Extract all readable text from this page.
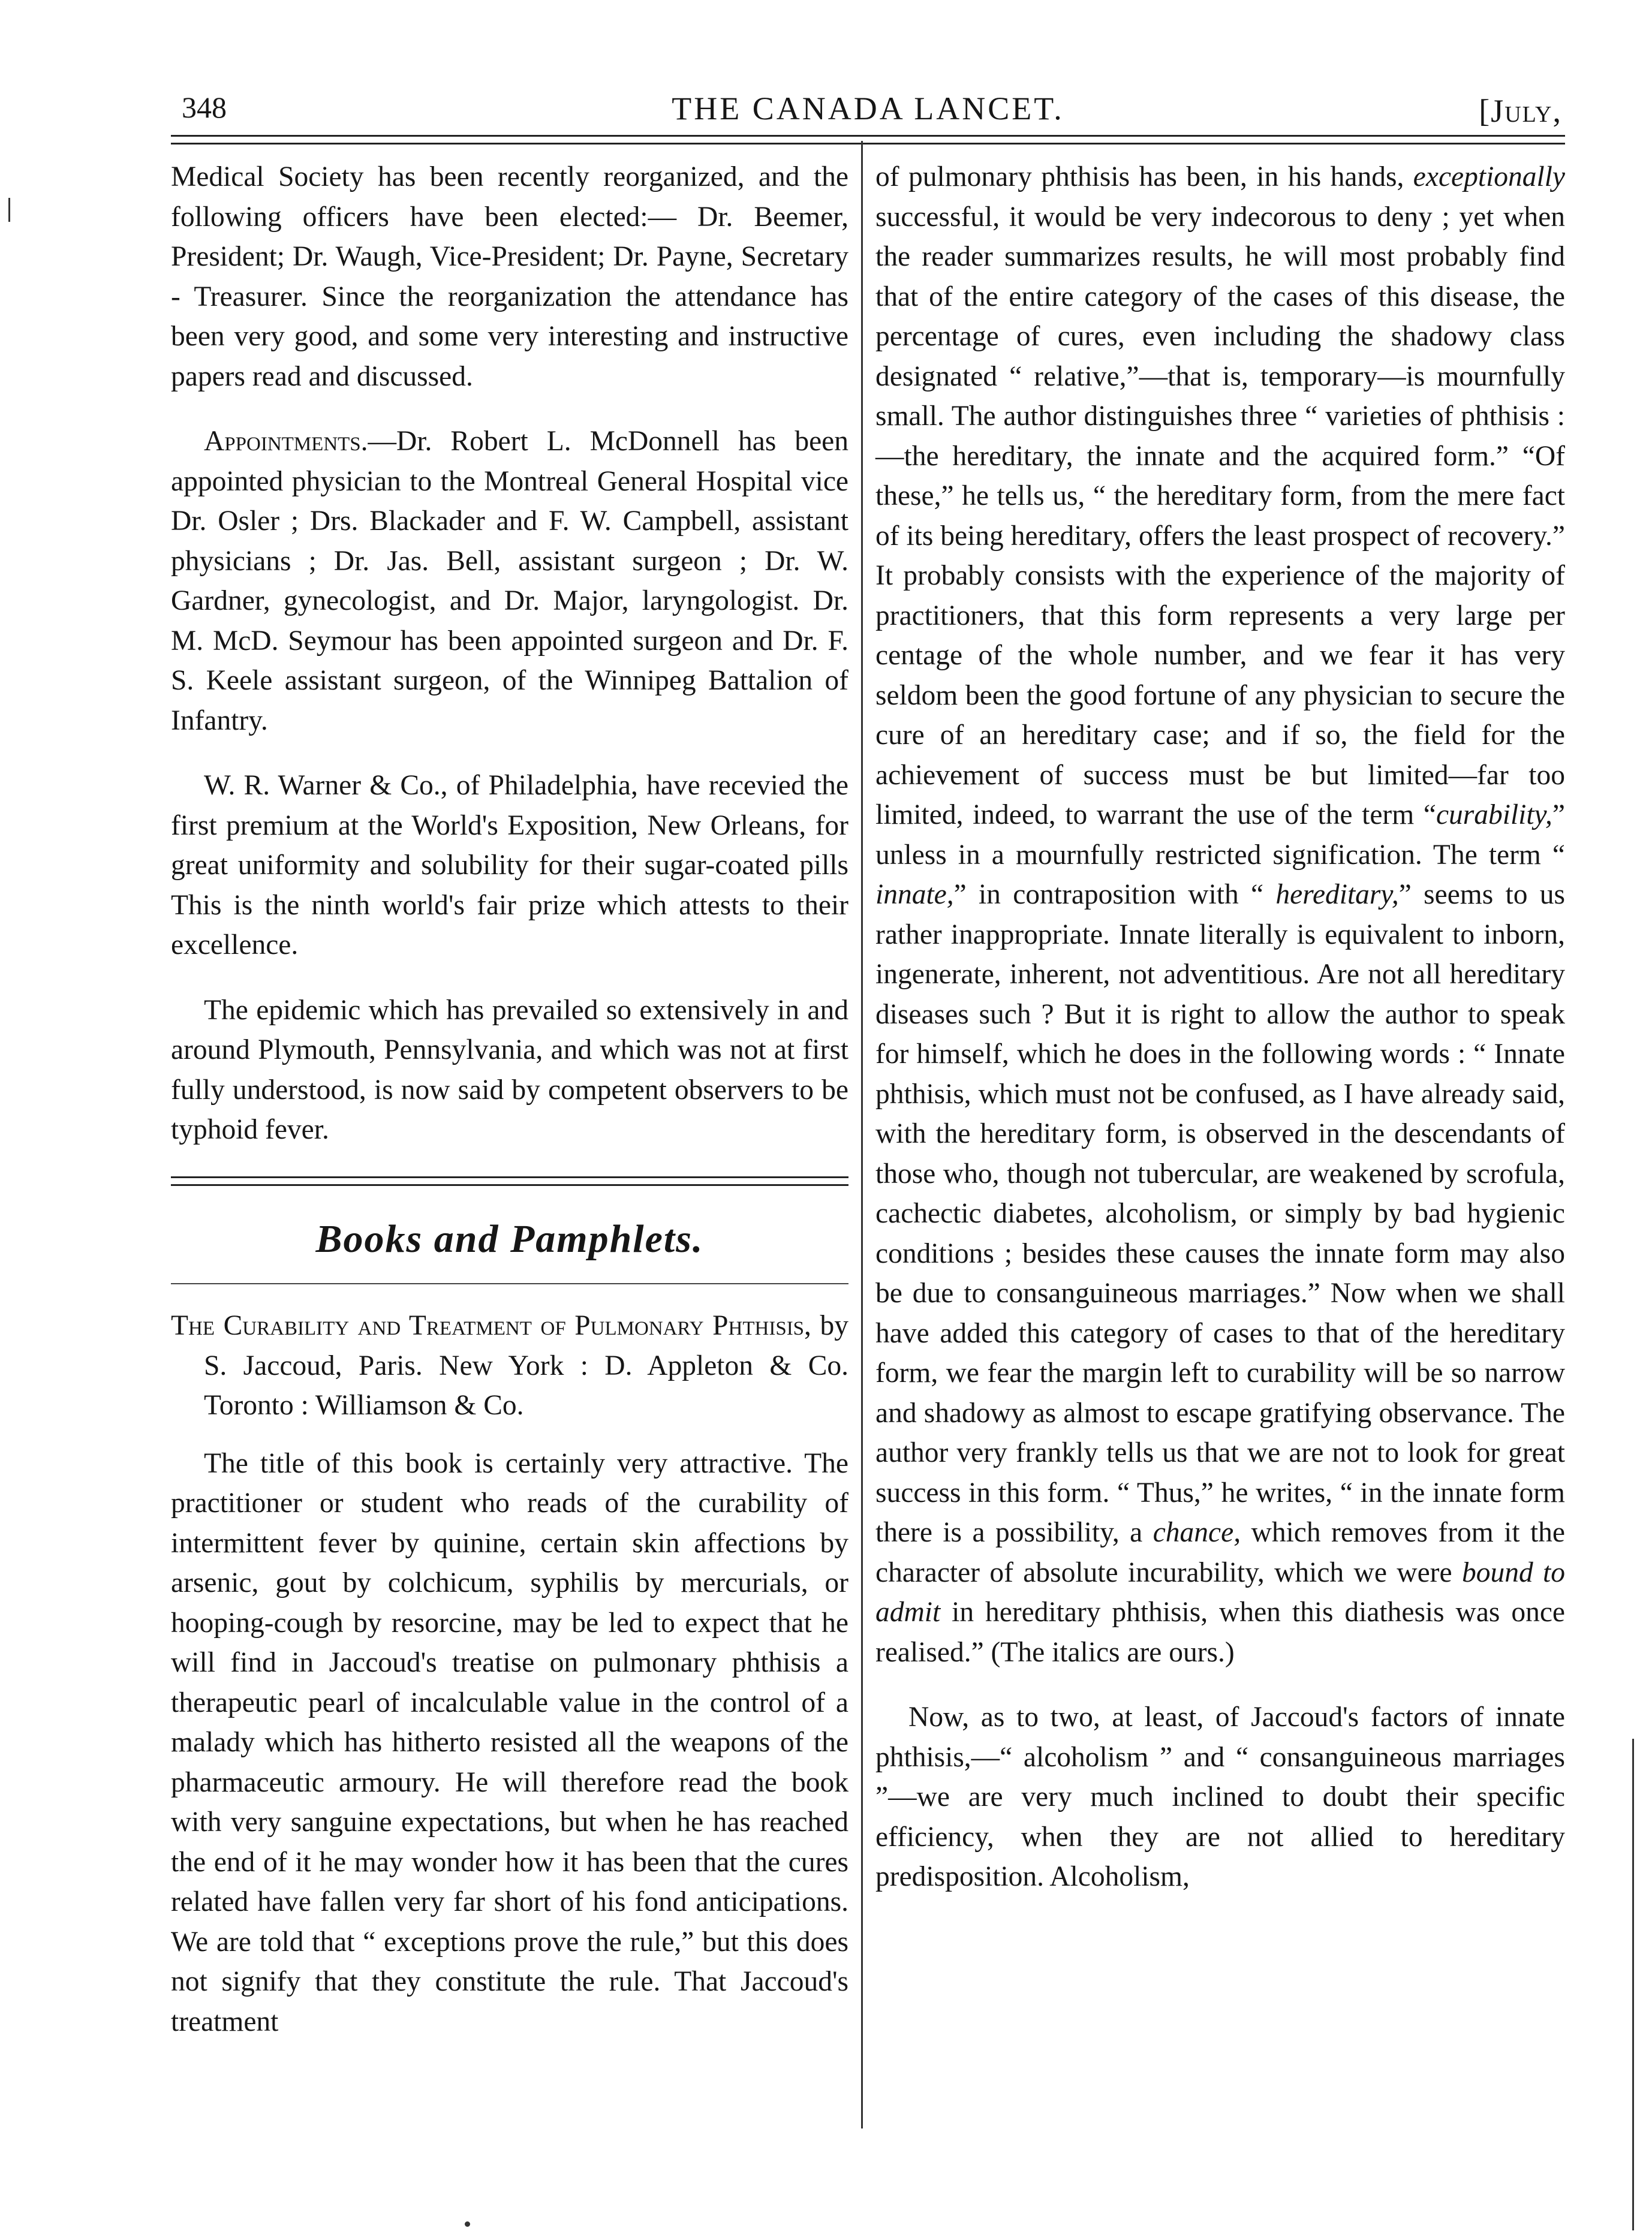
348	THE CANADA LANCET.	[July,

Medical Society has been recently reorganized, and the following officers have been elected:— Dr. Beemer, President; Dr. Waugh, Vice-President; Dr. Payne, Secretary - Treasurer. Since the reorganization the attendance has been very good, and some very interesting and instructive papers read and discussed.

Appointments.—Dr. Robert L. McDonnell has been appointed physician to the Montreal General Hospital vice Dr. Osler ; Drs. Blackader and F. W. Campbell, assistant physicians ; Dr. Jas. Bell, assistant surgeon ; Dr. W. Gardner, gynecologist, and Dr. Major, laryngologist. Dr. M. McD. Seymour has been appointed surgeon and Dr. F. S. Keele assistant surgeon, of the Winnipeg Battalion of Infantry.

W. R. Warner & Co., of Philadelphia, have recevied the first premium at the World's Exposition, New Orleans, for great uniformity and solubility for their sugar-coated pills This is the ninth world's fair prize which attests to their excellence.

The epidemic which has prevailed so extensively in and around Plymouth, Pennsylvania, and which was not at first fully understood, is now said by competent observers to be typhoid fever.

Books and Pamphlets.

The Curability and Treatment of Pulmonary Phthisis, by S. Jaccoud, Paris. New York : D. Appleton & Co. Toronto : Williamson & Co.

The title of this book is certainly very attractive. The practitioner or student who reads of the curability of intermittent fever by quinine, certain skin affections by arsenic, gout by colchicum, syphilis by mercurials, or hooping-cough by resorcine, may be led to expect that he will find in Jaccoud's treatise on pulmonary phthisis a therapeutic pearl of incalculable value in the control of a malady which has hitherto resisted all the weapons of the pharmaceutic armoury. He will therefore read the book with very sanguine expectations, but when he has reached the end of it he may wonder how it has been that the cures related have fallen very far short of his fond anticipations. We are told that “ exceptions prove the rule,” but this does not signify that they constitute the rule. That Jaccoud's treatment

of pulmonary phthisis has been, in his hands, exceptionally successful, it would be very indecorous to deny ; yet when the reader summarizes results, he will most probably find that of the entire category of the cases of this disease, the percentage of cures, even including the shadowy class designated “ relative,”—that is, temporary—is mournfully small. The author distinguishes three “ varieties of phthisis :—the hereditary, the innate and the acquired form.” “Of these,” he tells us, “ the hereditary form, from the mere fact of its being hereditary, offers the least prospect of recovery.” It probably consists with the experience of the majority of practitioners, that this form represents a very large per centage of the whole number, and we fear it has very seldom been the good fortune of any physician to secure the cure of an hereditary case; and if so, the field for the achievement of success must be but limited—far too limited, indeed, to warrant the use of the term “curability,” unless in a mournfully restricted signification. The term “ innate,” in contraposition with “ hereditary,” seems to us rather inappropriate. Innate literally is equivalent to inborn, ingenerate, inherent, not adventitious. Are not all hereditary diseases such ? But it is right to allow the author to speak for himself, which he does in the following words : “ Innate phthisis, which must not be confused, as I have already said, with the hereditary form, is observed in the descendants of those who, though not tubercular, are weakened by scrofula, cachectic diabetes, alcoholism, or simply by bad hygienic conditions ; besides these causes the innate form may also be due to consanguineous marriages.” Now when we shall have added this category of cases to that of the hereditary form, we fear the margin left to curability will be so narrow and shadowy as almost to escape gratifying observance. The author very frankly tells us that we are not to look for great success in this form. “ Thus,” he writes, “ in the innate form there is a possibility, a chance, which removes from it the character of absolute incurability, which we were bound to admit in hereditary phthisis, when this diathesis was once realised.” (The italics are ours.)

Now, as to two, at least, of Jaccoud's factors of innate phthisis,—“ alcoholism ” and “ consanguineous marriages ”—we are very much inclined to doubt their specific efficiency, when they are not allied to hereditary predisposition. Alcoholism,
